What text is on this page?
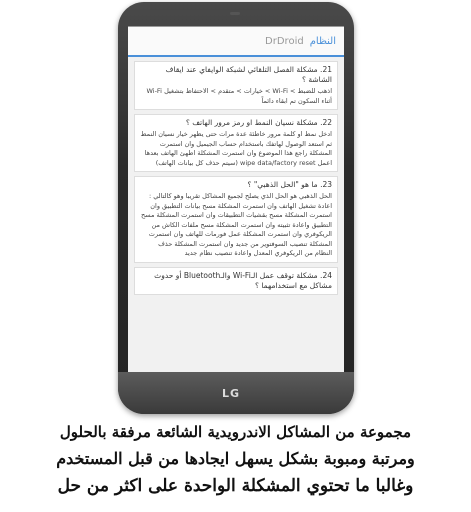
DrDroid النظام
21. مشكلة الفصل التلقائي لشبكة الوايفاي عند ايقاف الشاشة ؟
اذهب للضبط > Wi-Fi > خيارات > متقدم > الاحتفاظ بتشغيل Wi-Fi أثناء السكون تم ابقاء دائماً
22. مشكلة نسيان النمط او رمز مرور الهاتف ؟
ادخل نمط او كلمة مرور خاطئة عدة مرات حتى يظهر خيار نسيان النمط ثم استعد الوصول لهاتفك باستخدام حساب الجيميل وان استمرت المشكلة راجع هذا الموضوع وان استمرت المشكلة اطهئ الهاتف بعدها اعمل wipe data/factory reset (سيتم حذف كل بيانات الهاتف)
23. ما هو "الحل الذهبي" ؟
الحل الذهبي هو الحل الذي يصلح لجميع المشاكل تقريبا وهو كالتالي : اعادة تشغيل الهاتف وان استمرت المشكلة مسح بيانات التطبيق وان استمرت المشكلة مسح بقشيات التطبيقات وان استمرت المشكلة مسح التطبيق واعادة تثبيته وان استمرت المشكلة مسح ملفات الكاش من الريكوفري وان استمرت المشكلة عمل فورمات للهاتف وان استمرت المشكلة تنصيب السوفتوير من جديد وان استمرت المشكلة حذف النظام من الريكوفري المعدل واعادة تنصيب نظام جديد
24. مشكلة توقف عمل الـWi-Fi والـBluetooth أو حدوث مشاكل مع استخدامهما ؟
LG
مجموعة من المشاكل الاندرويدية الشائعة مرفقة بالحلول
ومرتبة ومبوبة بشكل يسهل ايجادها من قبل المستخدم
وغالبا ما تحتوي المشكلة الواحدة على اكثر من حل
